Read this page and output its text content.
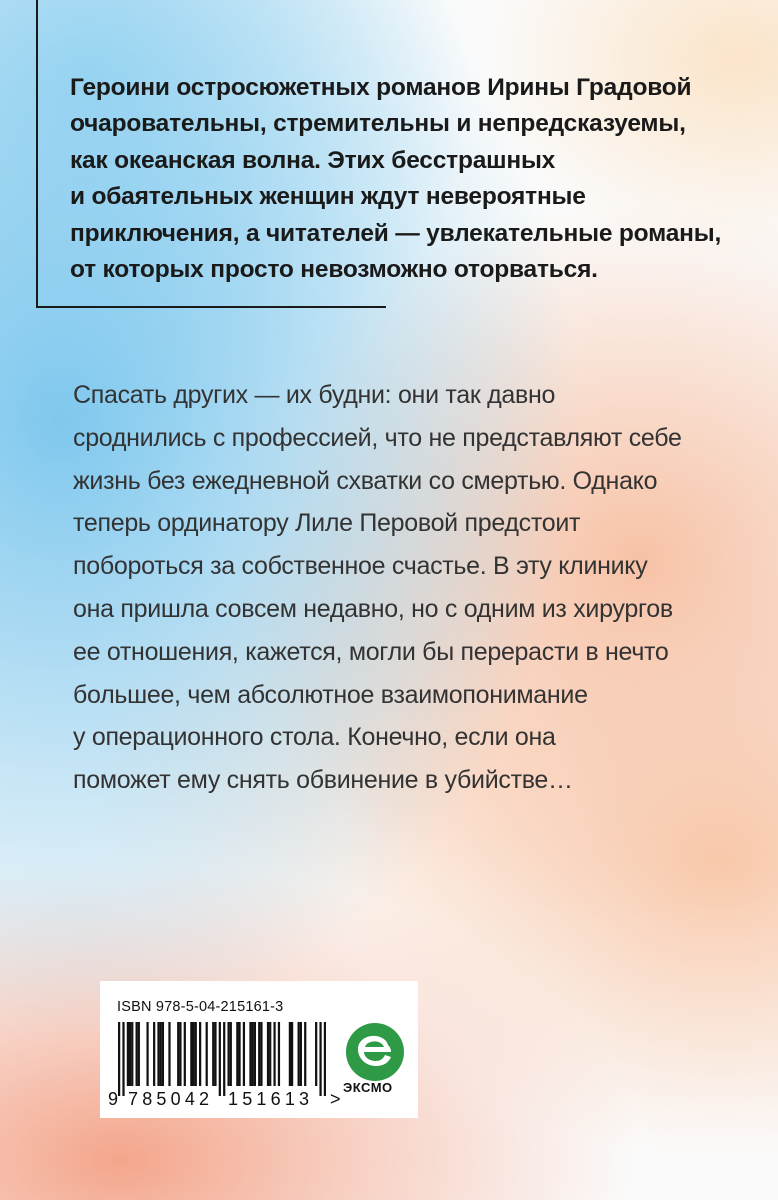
Героини остросюжетных романов Ирины Градовой
очаровательны, стремительны и непредсказуемы,
как океанская волна. Этих бесстрашных
и обаятельных женщин ждут невероятные
приключения, а читателей — увлекательные романы,
от которых просто невозможно оторваться.

Спасать других — их будни: они так давно
сроднились с профессией, что не представляют себе
жизнь без ежедневной схватки со смертью. Однако
теперь ординатору Лиле Перовой предстоит
побороться за собственное счастье. В эту клинику
она пришла совсем недавно, но с одним из хирургов
ее отношения, кажется, могли бы перерасти в нечто
большее, чем абсолютное взаимопонимание
у операционного стола. Конечно, если она
поможет ему снять обвинение в убийстве…

ISBN 978-5-04-215161-3
9 785042 151613 >
ЭКСМО
